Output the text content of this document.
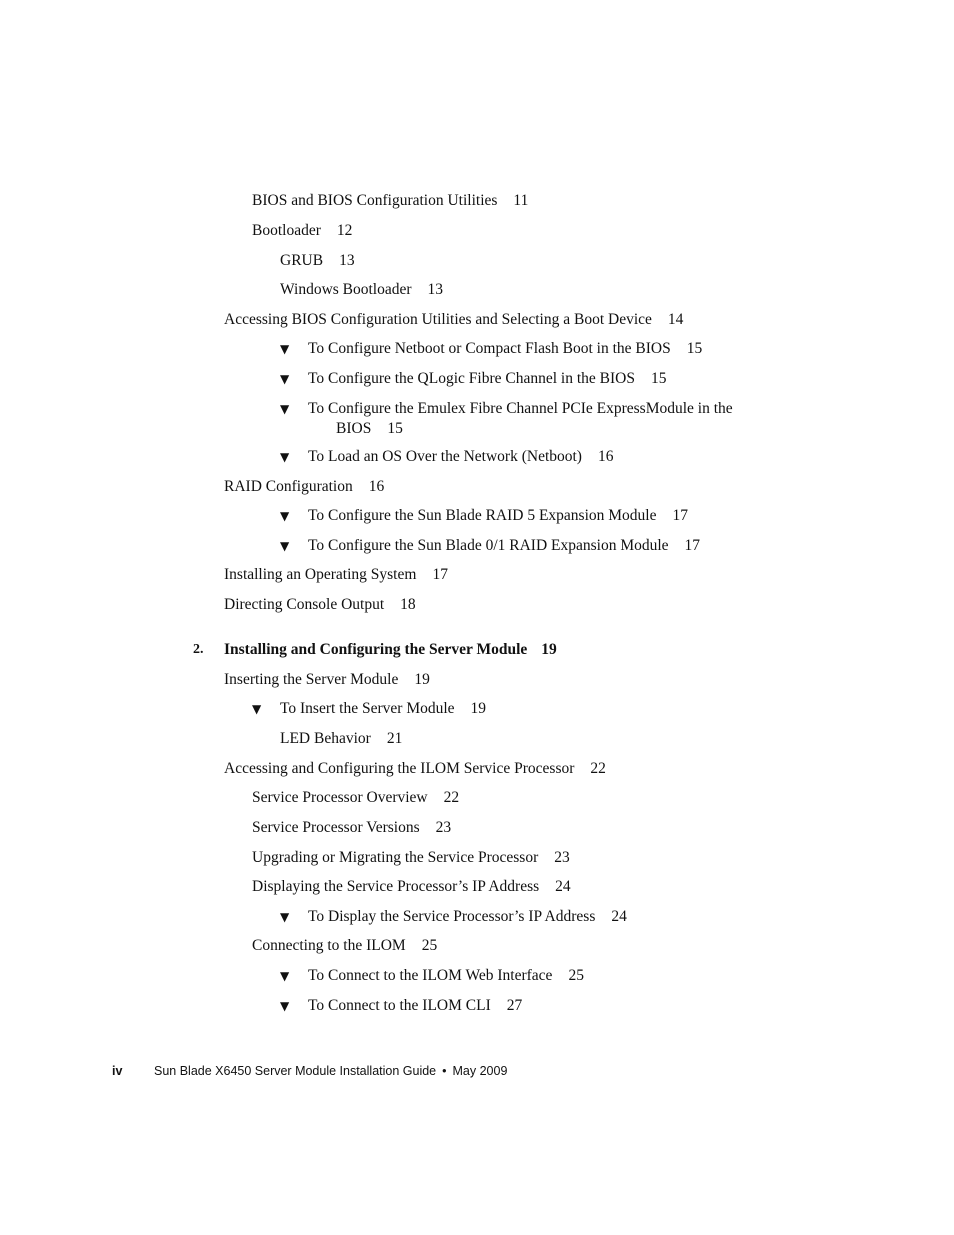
BIOS and BIOS Configuration Utilities 11
Bootloader 12
GRUB 13
Windows Bootloader 13
Accessing BIOS Configuration Utilities and Selecting a Boot Device 14
▼ To Configure Netboot or Compact Flash Boot in the BIOS 15
▼ To Configure the QLogic Fibre Channel in the BIOS 15
▼ To Configure the Emulex Fibre Channel PCIe ExpressModule in the
BIOS 15
▼ To Load an OS Over the Network (Netboot) 16
RAID Configuration 16
▼ To Configure the Sun Blade RAID 5 Expansion Module 17
▼ To Configure the Sun Blade 0/1 RAID Expansion Module 17
Installing an Operating System 17
Directing Console Output 18
2. Installing and Configuring the Server Module 19
Inserting the Server Module 19
▼ To Insert the Server Module 19
LED Behavior 21
Accessing and Configuring the ILOM Service Processor 22
Service Processor Overview 22
Service Processor Versions 23
Upgrading or Migrating the Service Processor 23
Displaying the Service Processor’s IP Address 24
▼ To Display the Service Processor’s IP Address 24
Connecting to the ILOM 25
▼ To Connect to the ILOM Web Interface 25
▼ To Connect to the ILOM CLI 27
iv	Sun Blade X6450 Server Module Installation Guide • May 2009
